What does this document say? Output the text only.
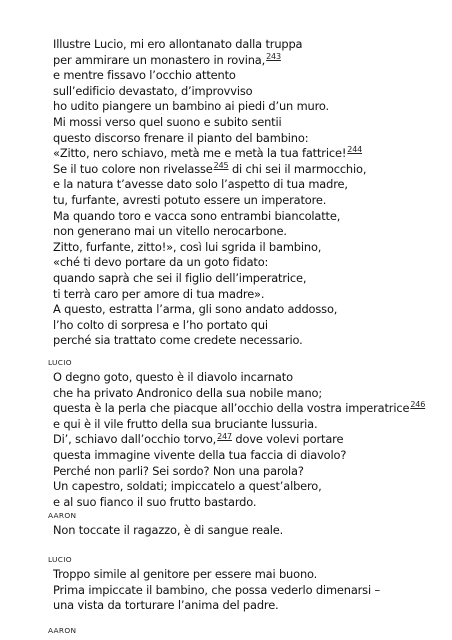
Illustre Lucio, mi ero allontanato dalla truppa
per ammirare un monastero in rovina,$^{243}$
e mentre fissavo l’occhio attento
sull’edificio devastato, d’improvviso
ho udito piangere un bambino ai piedi d’un muro.
Mi mossi verso quel suono e subito sentii
questo discorso frenare il pianto del bambino:
«Zitto, nero schiavo, metà me e metà la tua fattrice!$^{244}$
Se il tuo colore non rivelasse$^{245}$ di chi sei il marmocchio,
e la natura t’avesse dato solo l’aspetto di tua madre,
tu, furfante, avresti potuto essere un imperatore.
Ma quando toro e vacca sono entrambi biancolatte,
non generano mai un vitello nerocarbone.
Zitto, furfante, zitto!», così lui sgrida il bambino,
«ché ti devo portare da un goto fidato:
quando saprà che sei il figlio dell’imperatrice,
ti terrà caro per amore di tua madre».
A questo, estratta l’arma, gli sono andato addosso,
l’ho colto di sorpresa e l’ho portato qui
perché sia trattato come credete necessario.
LUCIO
O degno goto, questo è il diavolo incarnato
che ha privato Andronico della sua nobile mano;
questa è la perla che piacque all’occhio della vostra imperatrice$^{246}$
e qui è il vile frutto della sua bruciante lussuria.
Di’, schiavo dall’occhio torvo,$^{247}$ dove volevi portare
questa immagine vivente della tua faccia di diavolo?
Perché non parli? Sei sordo? Non una parola?
Un capestro, soldati; impiccatelo a quest’albero,
e al suo fianco il suo frutto bastardo.
AARON
Non toccate il ragazzo, è di sangue reale.
LUCIO
Troppo simile al genitore per essere mai buono.
Prima impiccate il bambino, che possa vederlo dimenarsi –
una vista da torturare l’anima del padre.
AARON
